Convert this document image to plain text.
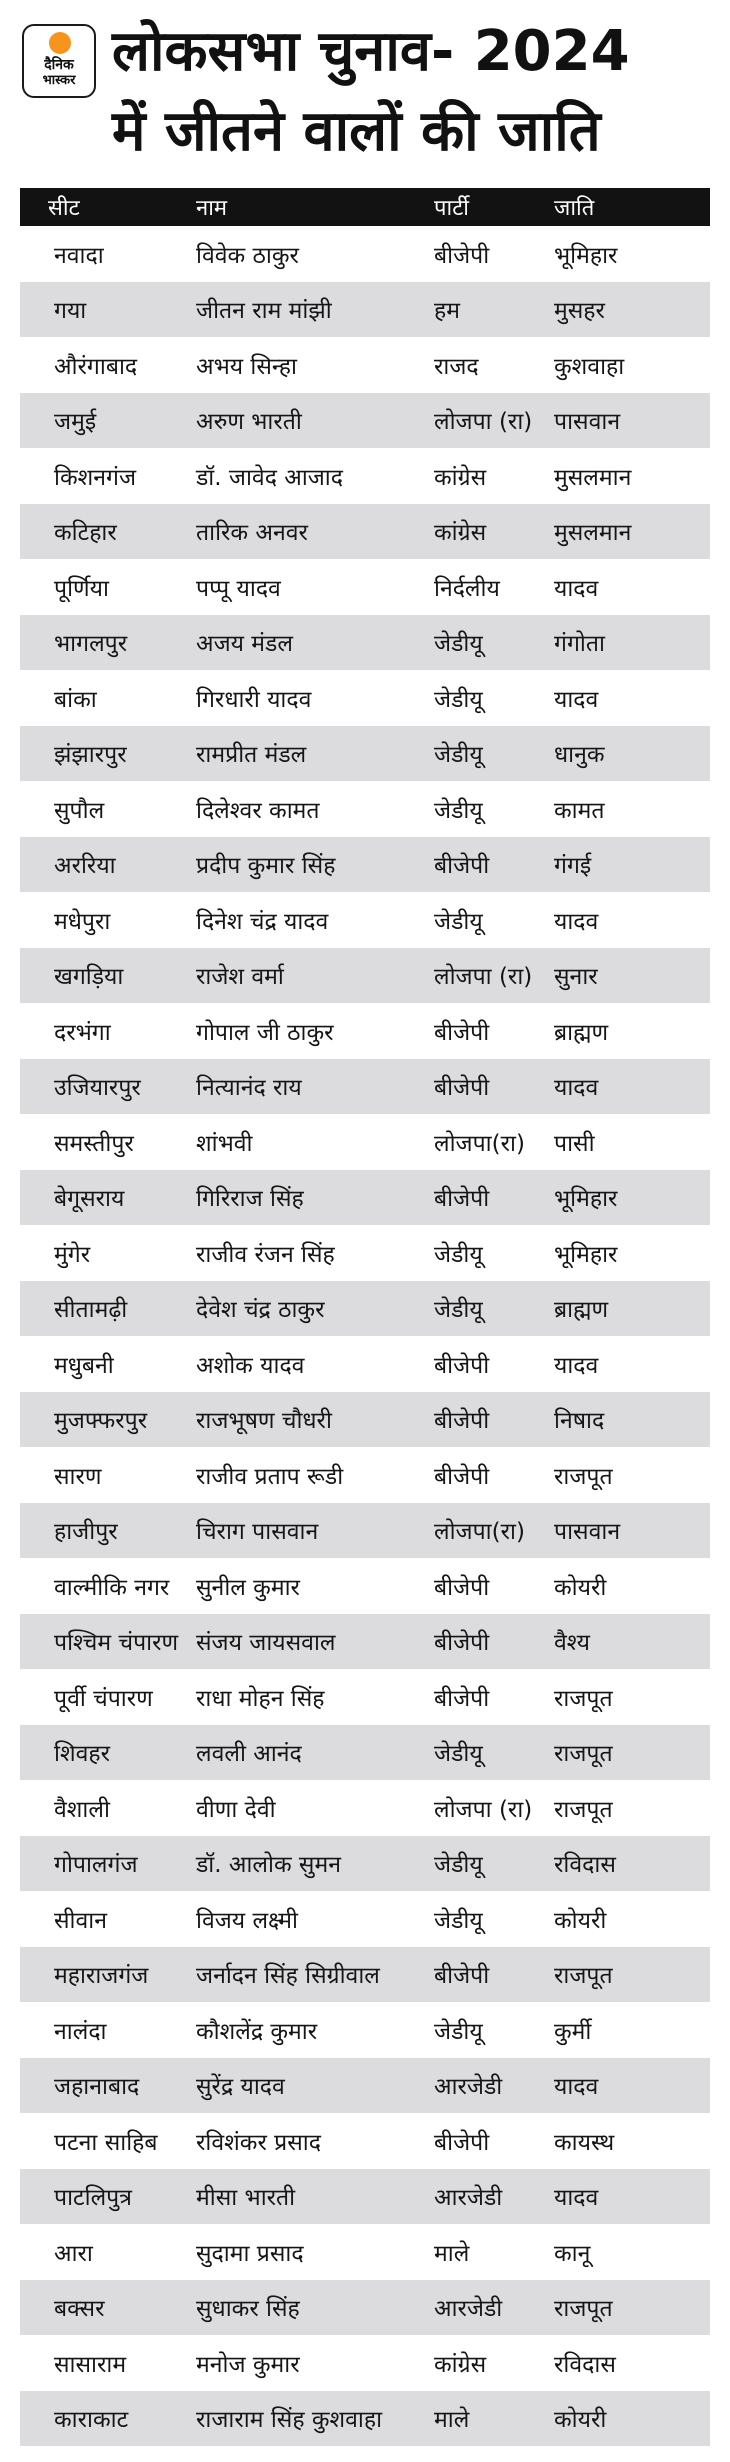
दैनिक
भास्कर लोकसभा चुनाव- 2024
में जीतने वालों की जाति
सीट	नाम	पार्टी	जाति
नवादा	विवेक ठाकुर	बीजेपी	भूमिहार
गया	जीतन राम मांझी	हम	मुसहर
औरंगाबाद	अभय सिन्हा	राजद	कुशवाहा
जमुई	अरुण भारती	लोजपा (रा)	पासवान
किशनगंज	डॉ. जावेद आजाद	कांग्रेस	मुसलमान
कटिहार	तारिक अनवर	कांग्रेस	मुसलमान
पूर्णिया	पप्पू यादव	निर्दलीय	यादव
भागलपुर	अजय मंडल	जेडीयू	गंगोता
बांका	गिरधारी यादव	जेडीयू	यादव
झंझारपुर	रामप्रीत मंडल	जेडीयू	धानुक
सुपौल	दिलेश्वर कामत	जेडीयू	कामत
अररिया	प्रदीप कुमार सिंह	बीजेपी	गंगई
मधेपुरा	दिनेश चंद्र यादव	जेडीयू	यादव
खगड़िया	राजेश वर्मा	लोजपा (रा)	सुनार
दरभंगा	गोपाल जी ठाकुर	बीजेपी	ब्राह्मण
उजियारपुर	नित्यानंद राय	बीजेपी	यादव
समस्तीपुर	शांभवी	लोजपा(रा)	पासी
बेगूसराय	गिरिराज सिंह	बीजेपी	भूमिहार
मुंगेर	राजीव रंजन सिंह	जेडीयू	भूमिहार
सीतामढ़ी	देवेश चंद्र ठाकुर	जेडीयू	ब्राह्मण
मधुबनी	अशोक यादव	बीजेपी	यादव
मुजफ्फरपुर	राजभूषण चौधरी	बीजेपी	निषाद
सारण	राजीव प्रताप रूडी	बीजेपी	राजपूत
हाजीपुर	चिराग पासवान	लोजपा(रा)	पासवान
वाल्मीकि नगर	सुनील कुमार	बीजेपी	कोयरी
पश्चिम चंपारण	संजय जायसवाल	बीजेपी	वैश्य
पूर्वी चंपारण	राधा मोहन सिंह	बीजेपी	राजपूत
शिवहर	लवली आनंद	जेडीयू	राजपूत
वैशाली	वीणा देवी	लोजपा (रा)	राजपूत
गोपालगंज	डॉ. आलोक सुमन	जेडीयू	रविदास
सीवान	विजय लक्ष्मी	जेडीयू	कोयरी
महाराजगंज	जर्नादन सिंह सिग्रीवाल	बीजेपी	राजपूत
नालंदा	कौशलेंद्र कुमार	जेडीयू	कुर्मी
जहानाबाद	सुरेंद्र यादव	आरजेडी	यादव
पटना साहिब	रविशंकर प्रसाद	बीजेपी	कायस्थ
पाटलिपुत्र	मीसा भारती	आरजेडी	यादव
आरा	सुदामा प्रसाद	माले	कानू
बक्सर	सुधाकर सिंह	आरजेडी	राजपूत
सासाराम	मनोज कुमार	कांग्रेस	रविदास
काराकाट	राजाराम सिंह कुशवाहा	माले	कोयरी
